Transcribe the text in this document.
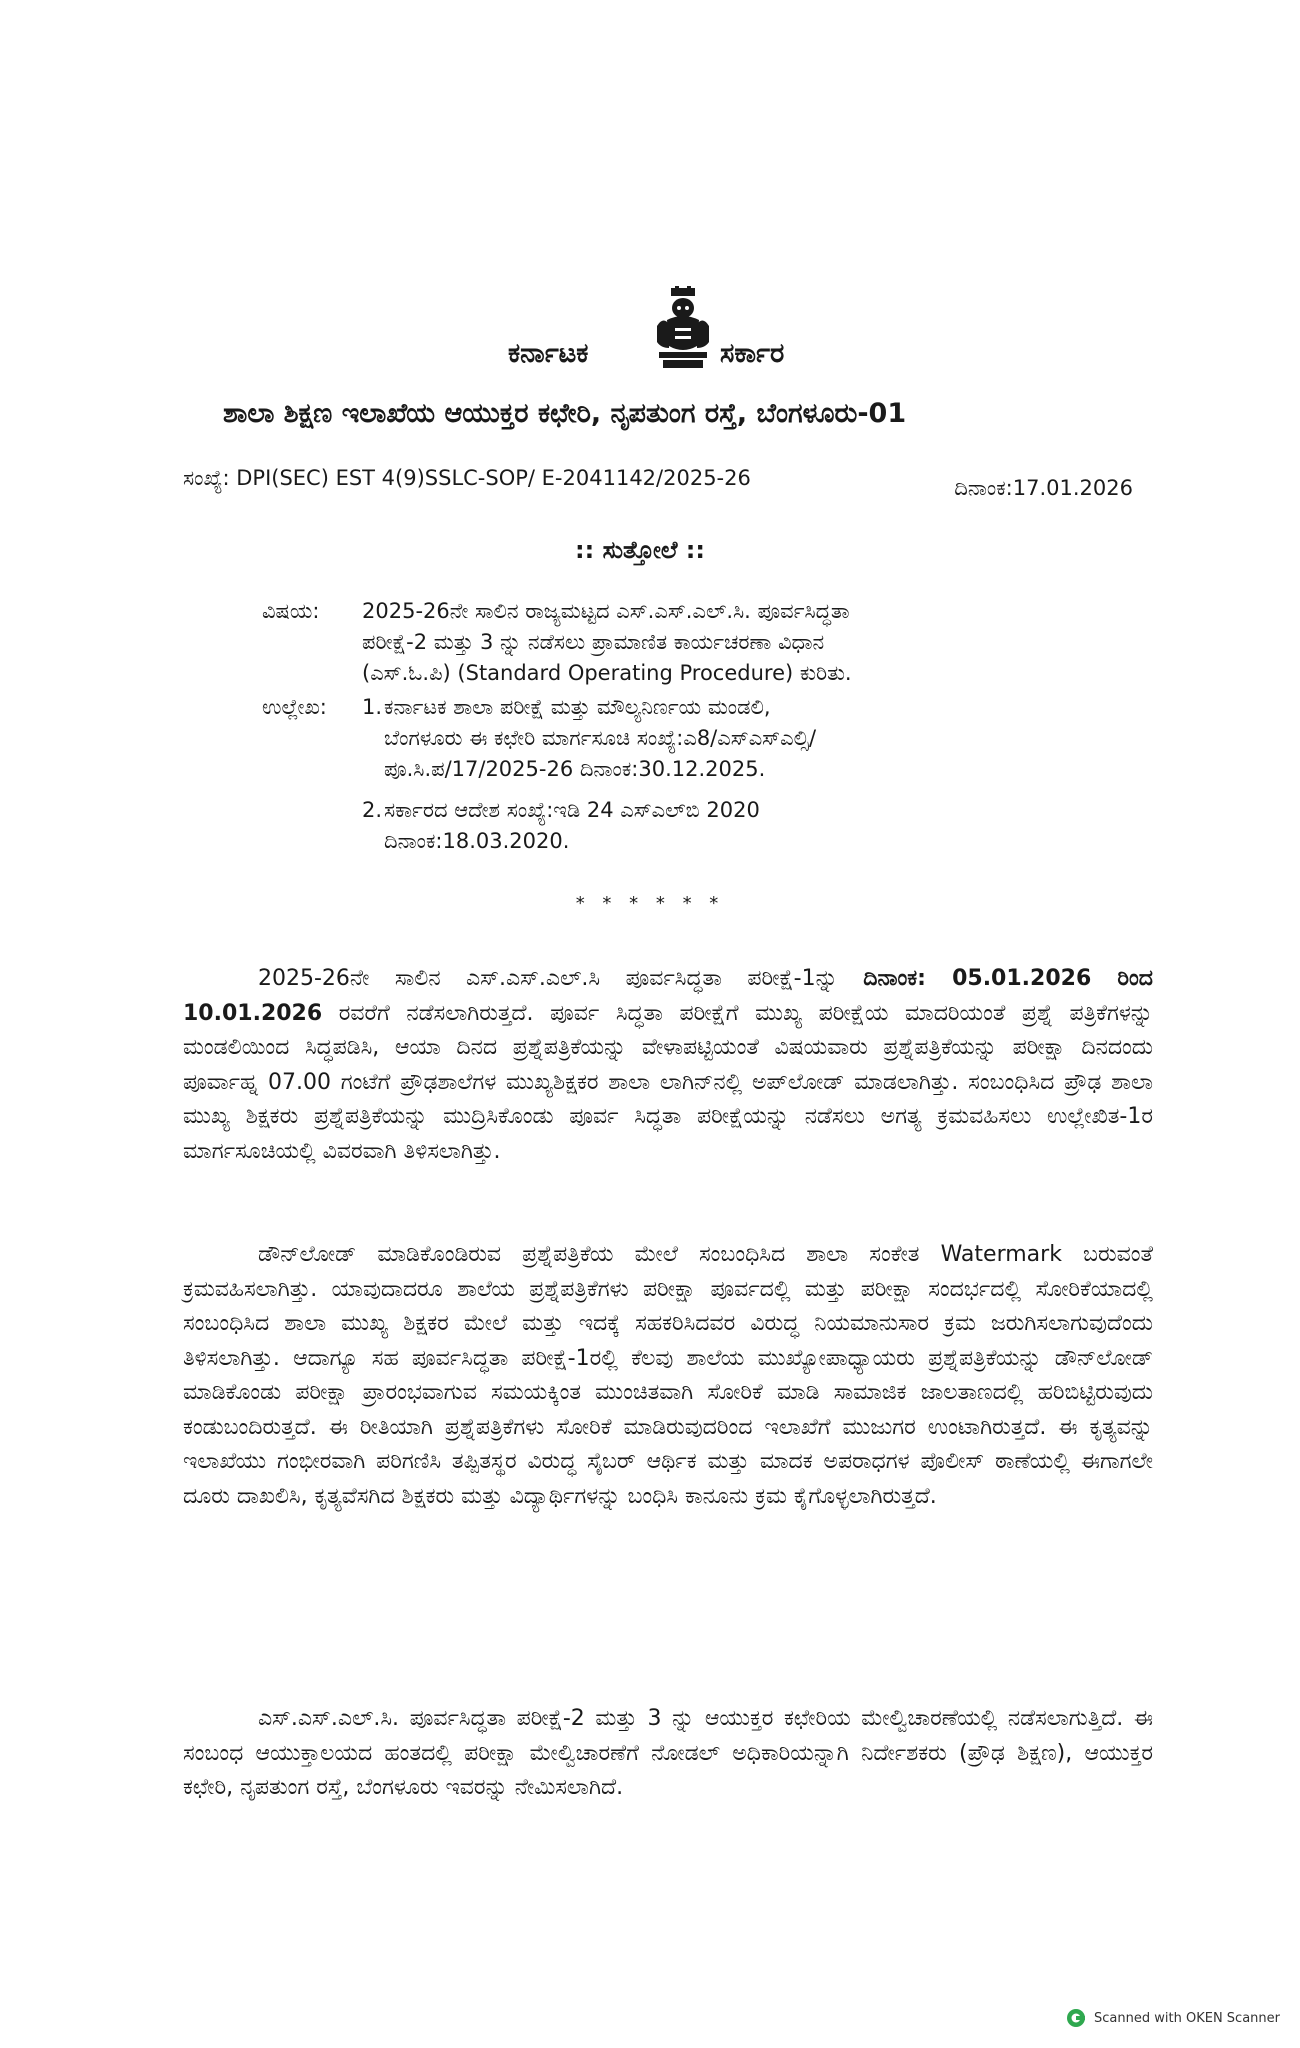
ಕರ್ನಾಟಕ	ಸರ್ಕಾರ
ಶಾಲಾ ಶಿಕ್ಷಣ ಇಲಾಖೆಯ ಆಯುಕ್ತರ ಕಛೇರಿ, ನೃಪತುಂಗ ರಸ್ತೆ, ಬೆಂಗಳೂರು-01
ಸಂಖ್ಯೆ: DPI(SEC) EST 4(9)SSLC-SOP/ E-2041142/2025-26	ದಿನಾಂಕ:17.01.2026
:: ಸುತ್ತೋಲೆ ::
ವಿಷಯ:	2025-26ನೇ ಸಾಲಿನ ರಾಜ್ಯಮಟ್ಟದ ಎಸ್.ಎಸ್.ಎಲ್.ಸಿ. ಪೂರ್ವಸಿದ್ಧತಾ
ಪರೀಕ್ಷೆ-2 ಮತ್ತು 3 ನ್ನು ನಡೆಸಲು ಪ್ರಾಮಾಣಿತ ಕಾರ್ಯಚರಣಾ ವಿಧಾನ
(ಎಸ್.ಓ.ಪಿ) (Standard Operating Procedure) ಕುರಿತು.
ಉಲ್ಲೇಖ:	1. ಕರ್ನಾಟಕ ಶಾಲಾ ಪರೀಕ್ಷೆ ಮತ್ತು ಮೌಲ್ಯನಿರ್ಣಯ ಮಂಡಲಿ,
ಬೆಂಗಳೂರು ಈ ಕಛೇರಿ ಮಾರ್ಗಸೂಚಿ ಸಂಖ್ಯೆ:ಎ8/ಎಸ್ಎಸ್ಎಲ್ಸಿ/
ಪೂ.ಸಿ.ಪ/17/2025-26 ದಿನಾಂಕ:30.12.2025.
2. ಸರ್ಕಾರದ ಆದೇಶ ಸಂಖ್ಯೆ:ಇಡಿ 24 ಎಸ್ಎಲ್‌ಬಿ 2020
ದಿನಾಂಕ:18.03.2020.
* * * * * *

2025-26ನೇ ಸಾಲಿನ ಎಸ್.ಎಸ್.ಎಲ್.ಸಿ ಪೂರ್ವಸಿದ್ಧತಾ ಪರೀಕ್ಷೆ-1ನ್ನು ದಿನಾಂಕ: 05.01.2026 ರಿಂದ 10.01.2026 ರವರೆಗೆ ನಡೆಸಲಾಗಿರುತ್ತದೆ. ಪೂರ್ವ ಸಿದ್ಧತಾ ಪರೀಕ್ಷೆಗೆ ಮುಖ್ಯ ಪರೀಕ್ಷೆಯ ಮಾದರಿಯಂತೆ ಪ್ರಶ್ನೆ ಪತ್ರಿಕೆಗಳನ್ನು ಮಂಡಲಿಯಿಂದ ಸಿದ್ಧಪಡಿಸಿ, ಆಯಾ ದಿನದ ಪ್ರಶ್ನೆಪತ್ರಿಕೆಯನ್ನು ವೇಳಾಪಟ್ಟಿಯಂತೆ ವಿಷಯವಾರು ಪ್ರಶ್ನೆಪತ್ರಿಕೆಯನ್ನು ಪರೀಕ್ಷಾ ದಿನದಂದು ಪೂರ್ವಾಹ್ನ 07.00 ಗಂಟೆಗೆ ಪ್ರೌಢಶಾಲೆಗಳ ಮುಖ್ಯಶಿಕ್ಷಕರ ಶಾಲಾ ಲಾಗಿನ್‌ನಲ್ಲಿ ಅಪ್‌ಲೋಡ್ ಮಾಡಲಾಗಿತ್ತು. ಸಂಬಂಧಿಸಿದ ಪ್ರೌಢ ಶಾಲಾ ಮುಖ್ಯ ಶಿಕ್ಷಕರು ಪ್ರಶ್ನೆಪತ್ರಿಕೆಯನ್ನು ಮುದ್ರಿಸಿಕೊಂಡು ಪೂರ್ವ ಸಿದ್ಧತಾ ಪರೀಕ್ಷೆಯನ್ನು ನಡೆಸಲು ಅಗತ್ಯ ಕ್ರಮವಹಿಸಲು ಉಲ್ಲೇಖಿತ-1ರ ಮಾರ್ಗಸೂಚಿಯಲ್ಲಿ ವಿವರವಾಗಿ ತಿಳಿಸಲಾಗಿತ್ತು.

ಡೌನ್‌ಲೋಡ್ ಮಾಡಿಕೊಂಡಿರುವ ಪ್ರಶ್ನೆಪತ್ರಿಕೆಯ ಮೇಲೆ ಸಂಬಂಧಿಸಿದ ಶಾಲಾ ಸಂಕೇತ Watermark ಬರುವಂತೆ ಕ್ರಮವಹಿಸಲಾಗಿತ್ತು. ಯಾವುದಾದರೂ ಶಾಲೆಯ ಪ್ರಶ್ನೆಪತ್ರಿಕೆಗಳು ಪರೀಕ್ಷಾ ಪೂರ್ವದಲ್ಲಿ ಮತ್ತು ಪರೀಕ್ಷಾ ಸಂದರ್ಭದಲ್ಲಿ ಸೋರಿಕೆಯಾದಲ್ಲಿ ಸಂಬಂಧಿಸಿದ ಶಾಲಾ ಮುಖ್ಯ ಶಿಕ್ಷಕರ ಮೇಲೆ ಮತ್ತು ಇದಕ್ಕೆ ಸಹಕರಿಸಿದವರ ವಿರುದ್ಧ ನಿಯಮಾನುಸಾರ ಕ್ರಮ ಜರುಗಿಸಲಾಗುವುದೆಂದು ತಿಳಿಸಲಾಗಿತ್ತು. ಆದಾಗ್ಯೂ ಸಹ ಪೂರ್ವಸಿದ್ಧತಾ ಪರೀಕ್ಷೆ-1ರಲ್ಲಿ ಕೆಲವು ಶಾಲೆಯ ಮುಖ್ಯೋಪಾಧ್ಯಾಯರು ಪ್ರಶ್ನೆಪತ್ರಿಕೆಯನ್ನು ಡೌನ್‌ಲೋಡ್ ಮಾಡಿಕೊಂಡು ಪರೀಕ್ಷಾ ಪ್ರಾರಂಭವಾಗುವ ಸಮಯಕ್ಕಿಂತ ಮುಂಚಿತವಾಗಿ ಸೋರಿಕೆ ಮಾಡಿ ಸಾಮಾಜಿಕ ಜಾಲತಾಣದಲ್ಲಿ ಹರಿಬಿಟ್ಟಿರುವುದು ಕಂಡುಬಂದಿರುತ್ತದೆ. ಈ ರೀತಿಯಾಗಿ ಪ್ರಶ್ನೆಪತ್ರಿಕೆಗಳು ಸೋರಿಕೆ ಮಾಡಿರುವುದರಿಂದ ಇಲಾಖೆಗೆ ಮುಜುಗರ ಉಂಟಾಗಿರುತ್ತದೆ. ಈ ಕೃತ್ಯವನ್ನು ಇಲಾಖೆಯು ಗಂಭೀರವಾಗಿ ಪರಿಗಣಿಸಿ ತಪ್ಪಿತಸ್ಥರ ವಿರುದ್ಧ ಸೈಬರ್ ಆರ್ಥಿಕ ಮತ್ತು ಮಾದಕ ಅಪರಾಧಗಳ ಪೊಲೀಸ್ ಠಾಣೆಯಲ್ಲಿ ಈಗಾಗಲೇ ದೂರು ದಾಖಲಿಸಿ, ಕೃತ್ಯವೆಸಗಿದ ಶಿಕ್ಷಕರು ಮತ್ತು ವಿದ್ಯಾರ್ಥಿಗಳನ್ನು ಬಂಧಿಸಿ ಕಾನೂನು ಕ್ರಮ ಕೈಗೊಳ್ಳಲಾಗಿರುತ್ತದೆ.

ಎಸ್.ಎಸ್.ಎಲ್.ಸಿ. ಪೂರ್ವಸಿದ್ಧತಾ ಪರೀಕ್ಷೆ-2 ಮತ್ತು 3 ನ್ನು ಆಯುಕ್ತರ ಕಛೇರಿಯ ಮೇಲ್ವಿಚಾರಣೆಯಲ್ಲಿ ನಡೆಸಲಾಗುತ್ತಿದೆ. ಈ ಸಂಬಂಧ ಆಯುಕ್ತಾಲಯದ ಹಂತದಲ್ಲಿ ಪರೀಕ್ಷಾ ಮೇಲ್ವಿಚಾರಣೆಗೆ ನೋಡಲ್ ಅಧಿಕಾರಿಯನ್ನಾಗಿ ನಿರ್ದೇಶಕರು (ಪ್ರೌಢ ಶಿಕ್ಷಣ), ಆಯುಕ್ತರ ಕಛೇರಿ, ನೃಪತುಂಗ ರಸ್ತೆ, ಬೆಂಗಳೂರು ಇವರನ್ನು ನೇಮಿಸಲಾಗಿದೆ.

Scanned with OKEN Scanner
